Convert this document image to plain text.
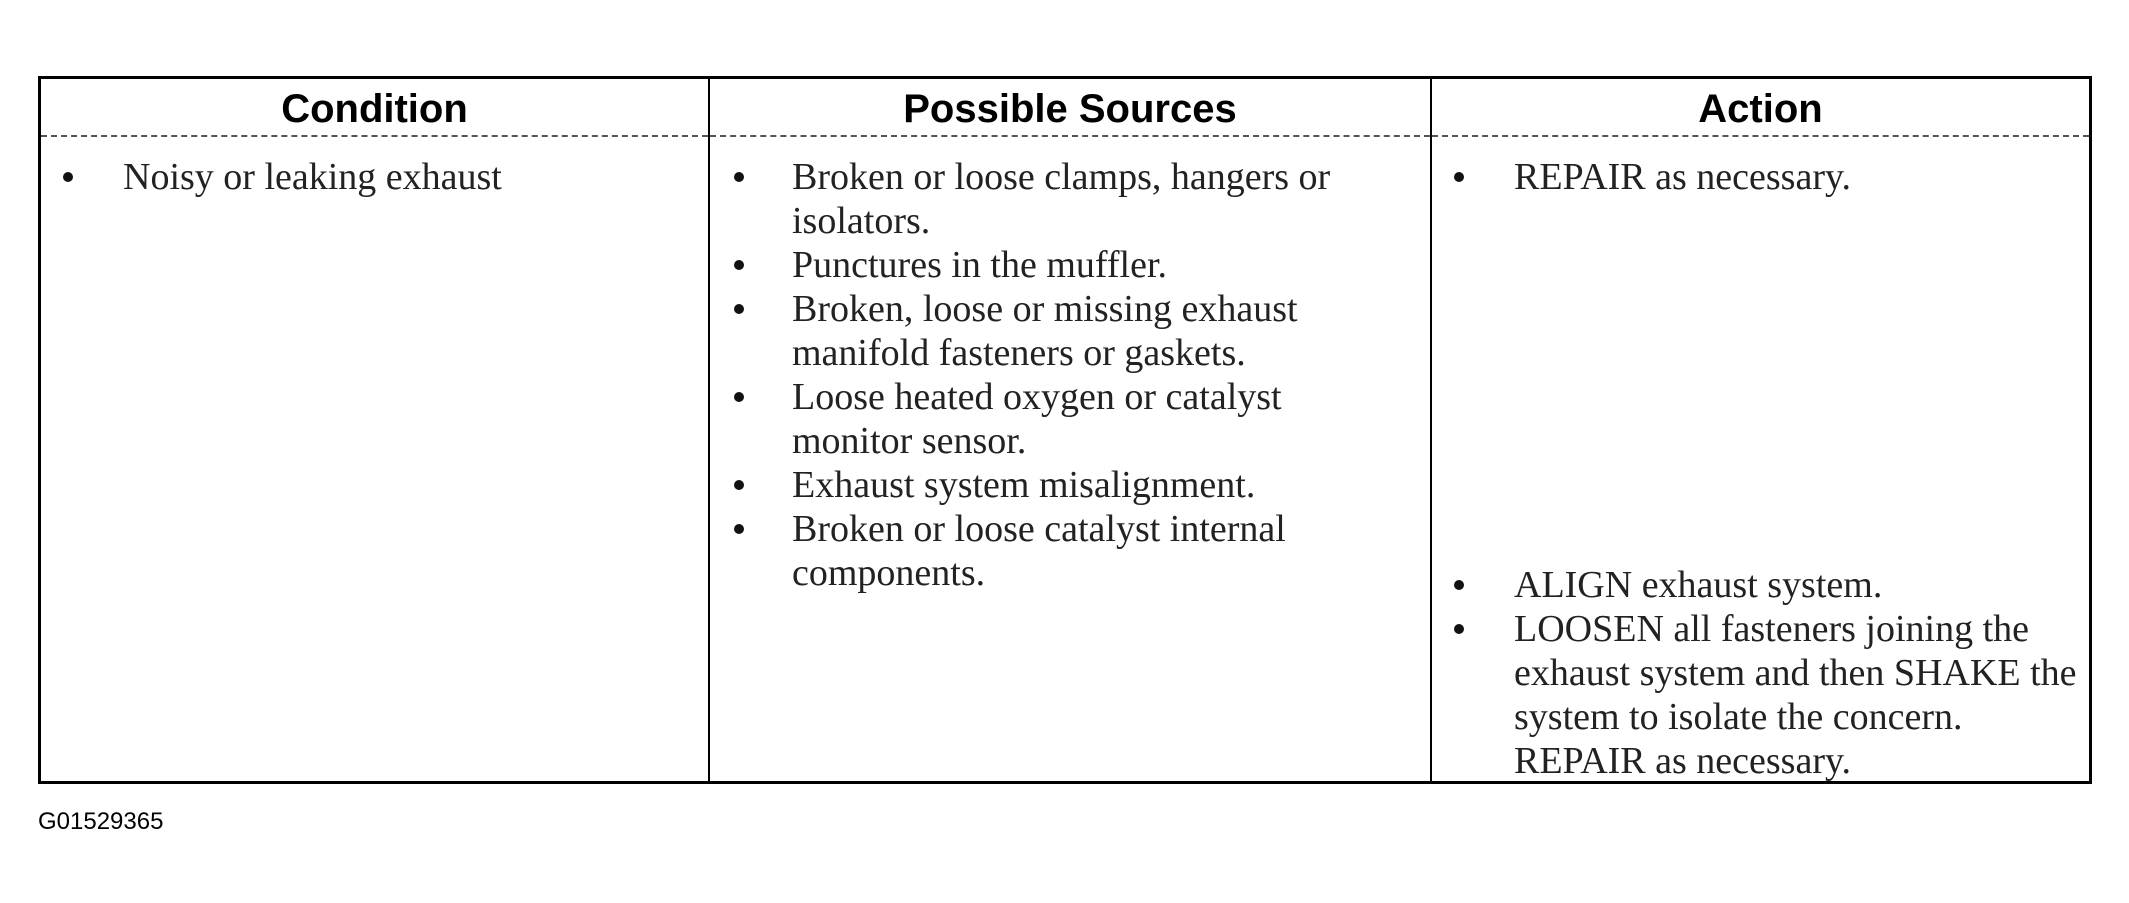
Condition
Noisy or leaking exhaust
Possible Sources
Broken or loose clamps, hangers or isolators.
Punctures in the muffler.
Broken, loose or missing exhaust manifold fasteners or gaskets.
Loose heated oxygen or catalyst monitor sensor.
Exhaust system misalignment.
Broken or loose catalyst internal components.
Action
REPAIR as necessary.
ALIGN exhaust system.
LOOSEN all fasteners joining the exhaust system and then SHAKE the system to isolate the concern. REPAIR as necessary.
G01529365
